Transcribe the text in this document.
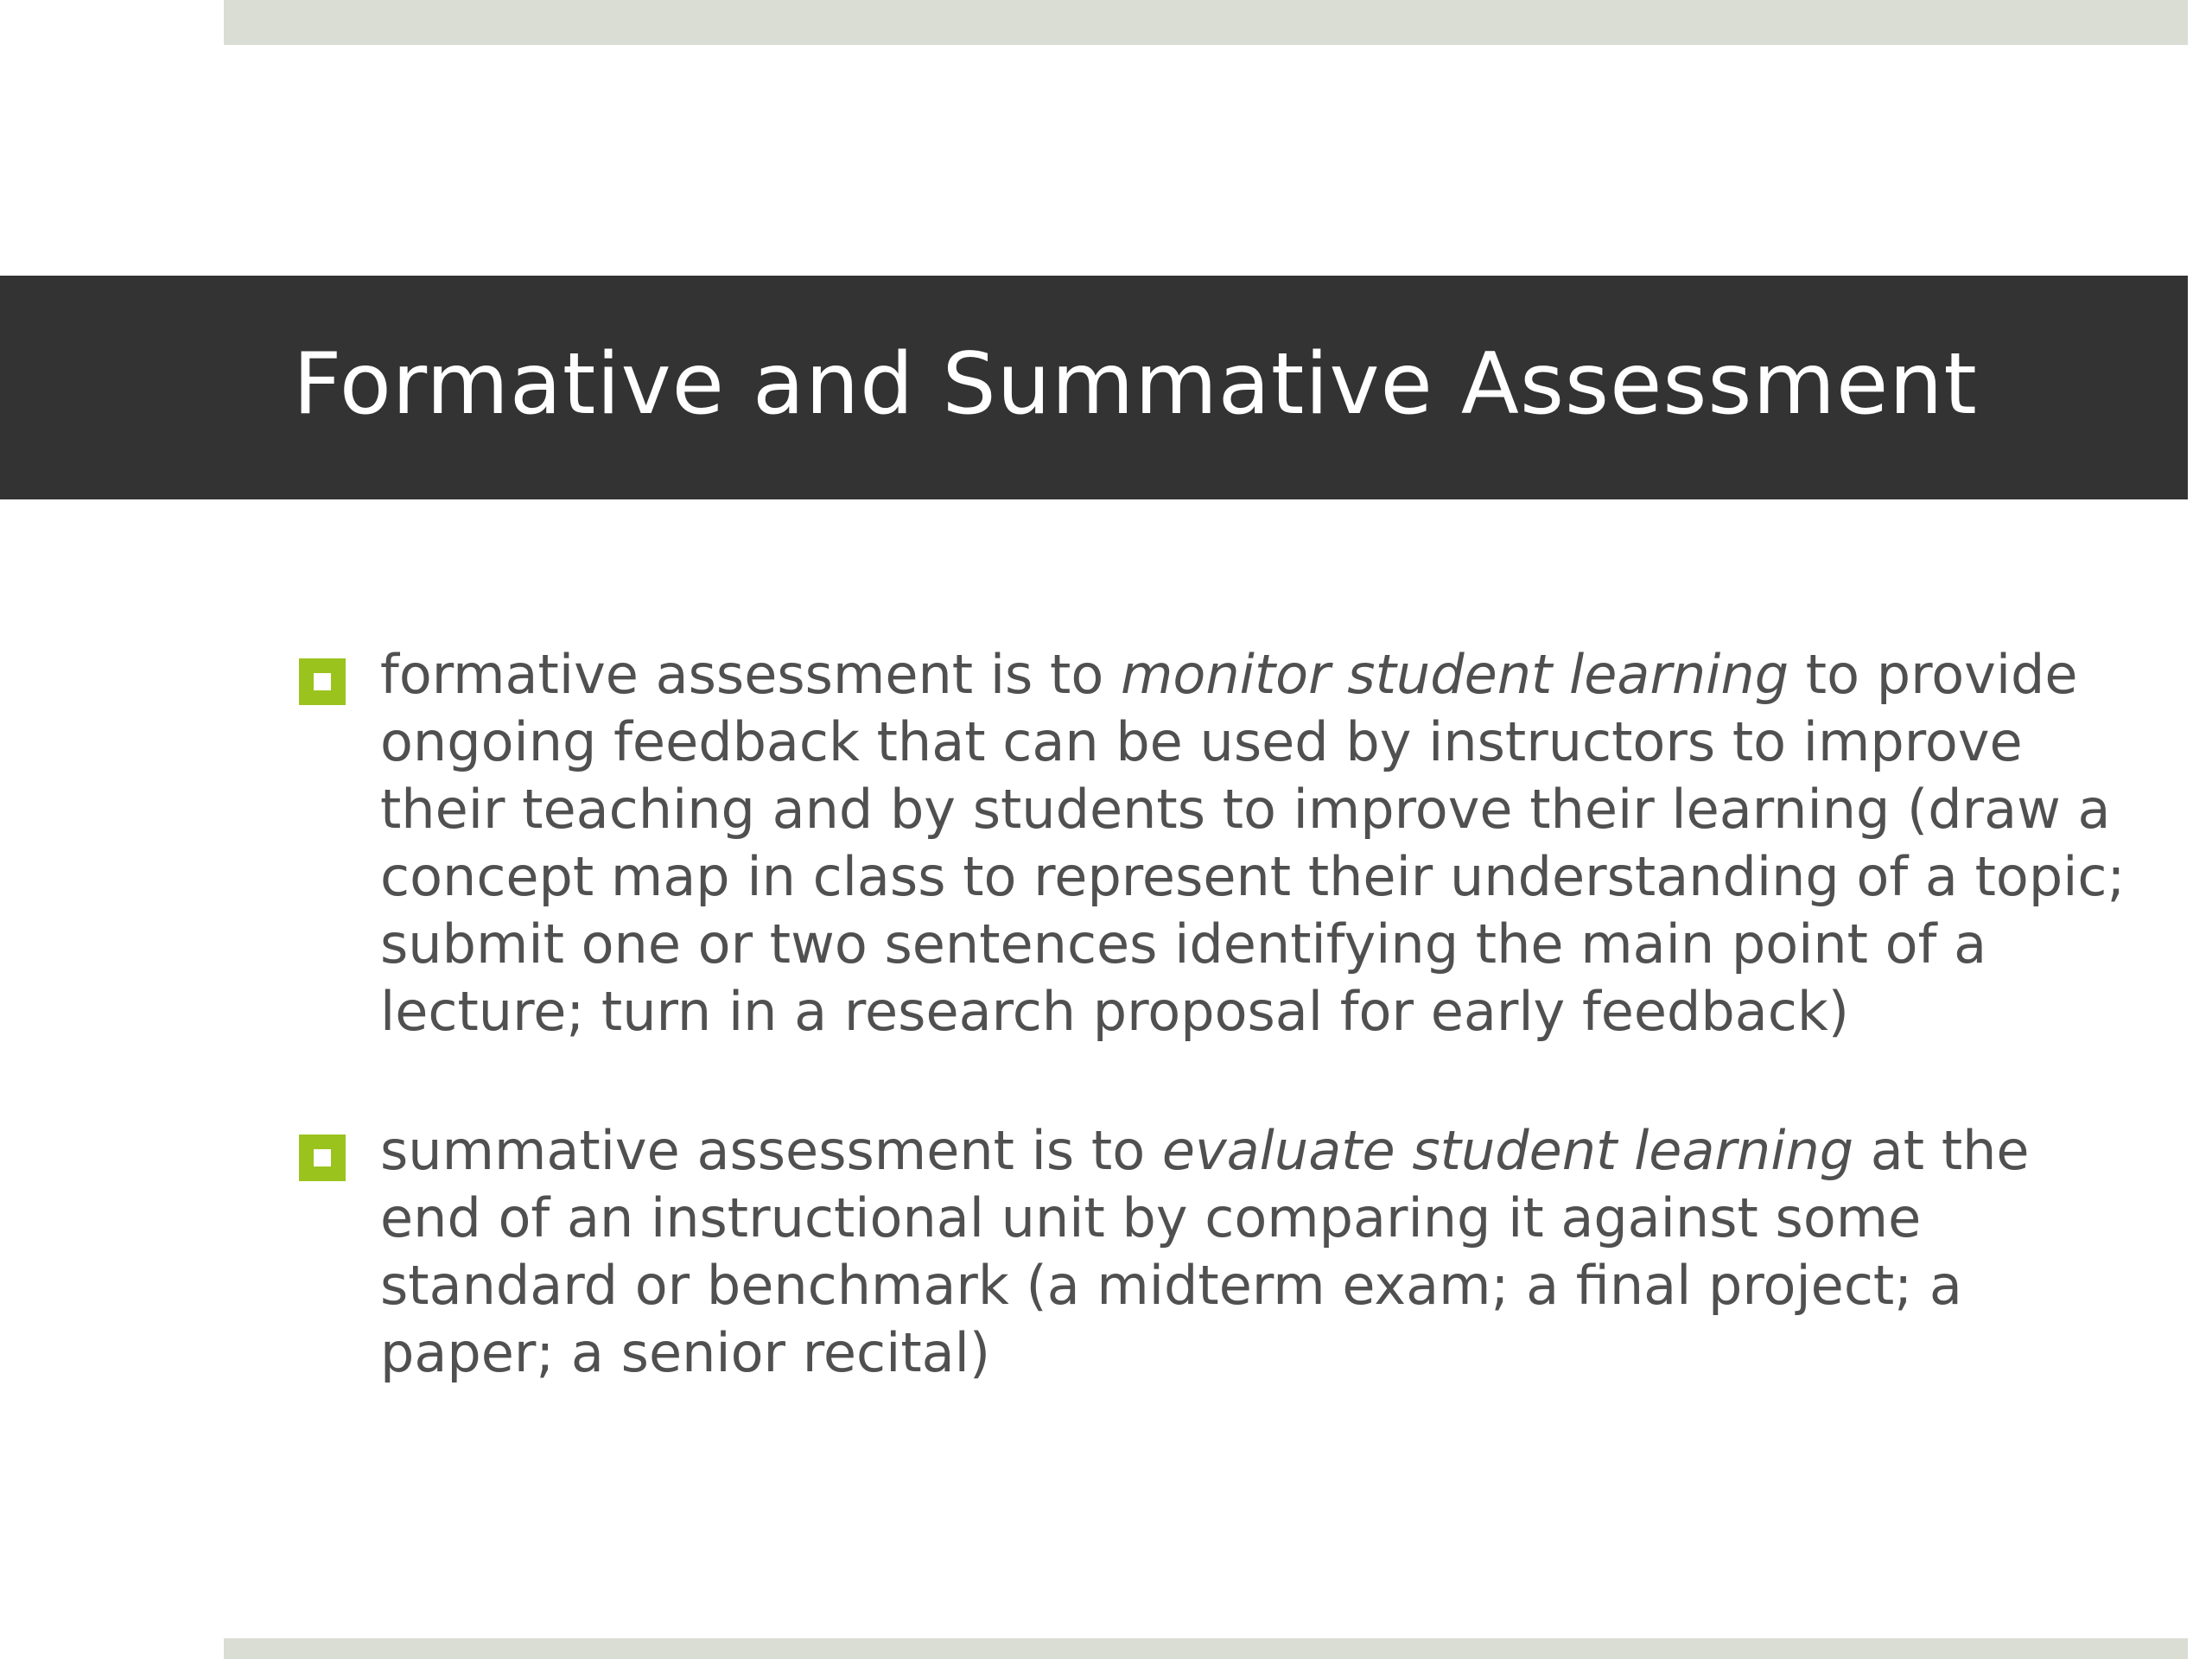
Formative and Summative Assessment
formative assessment is to monitor student learning to provide ongoing feedback that can be used by instructors to improve their teaching and by students to improve their learning (draw a concept map in class to represent their understanding of a topic; submit one or two sentences identifying the main point of a lecture; turn in a research proposal for early feedback)
summative assessment is to evaluate student learning at the end of an instructional unit by comparing it against some standard or benchmark (a midterm exam; a final project; a paper; a senior recital)
